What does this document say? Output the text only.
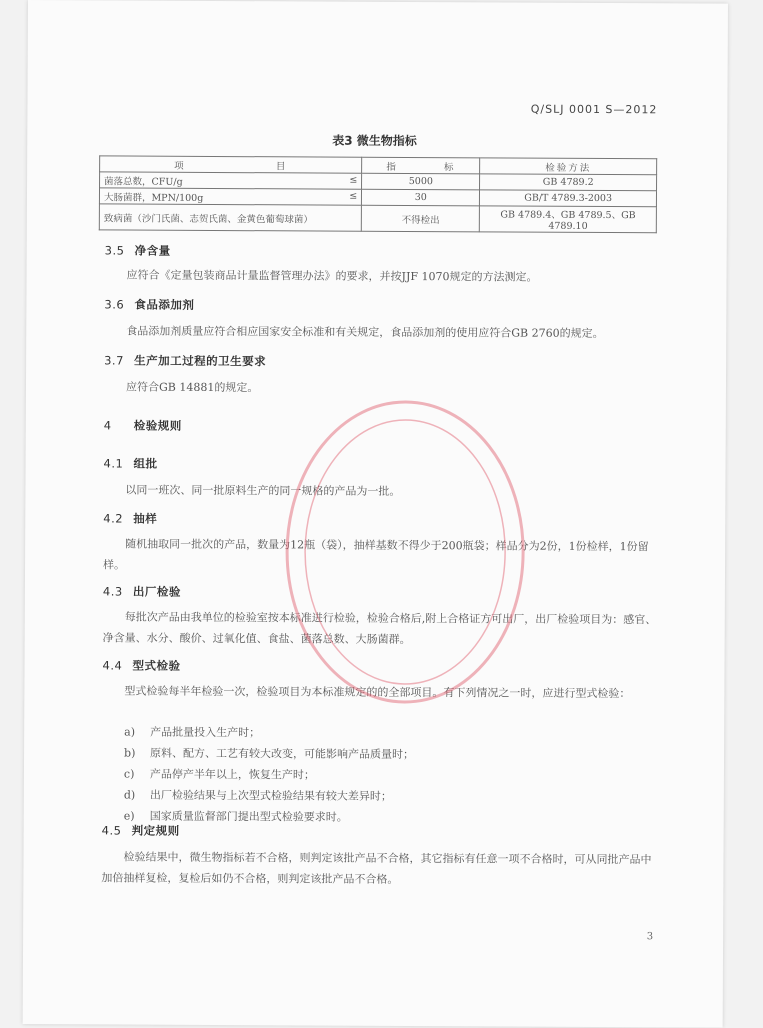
Q/SLJ 0001 S—2012
表3 微生物指标
项 目	指 标	检验方法

菌落总数，CFU/g ≤	5000	GB 4789.2

大肠菌群，MPN/100g ≤	30	GB/T 4789.3-2003

致病菌（沙门氏菌、志贺氏菌、金黄色葡萄球菌）	不得检出	GB 4789.4、GB 4789.5、GB 4789.10
3.5 净含量
应符合《定量包装商品计量监督管理办法》的要求，并按JJF 1070规定的方法测定。
3.6 食品添加剂
食品添加剂质量应符合相应国家安全标准和有关规定，食品添加剂的使用应符合GB 2760的规定。
3.7 生产加工过程的卫生要求
应符合GB 14881的规定。
4 检验规则
4.1 组批
以同一班次、同一批原料生产的同一规格的产品为一批。
4.2 抽样
随机抽取同一批次的产品，数量为12瓶（袋），抽样基数不得少于200瓶袋；样品分为2份，1份检样，1份留样。
4.3 出厂检验
每批次产品由我单位的检验室按本标准进行检验，检验合格后,附上合格证方可出厂，出厂检验项目为：感官、净含量、水分、酸价、过氧化值、食盐、菌落总数、大肠菌群。
4.4 型式检验
型式检验每半年检验一次，检验项目为本标准规定的的全部项目。有下列情况之一时，应进行型式检验：
a) 产品批量投入生产时；
b) 原料、配方、工艺有较大改变，可能影响产品质量时；
c) 产品停产半年以上，恢复生产时；
d) 出厂检验结果与上次型式检验结果有较大差异时；
e) 国家质量监督部门提出型式检验要求时。
4.5 判定规则
检验结果中，微生物指标若不合格，则判定该批产品不合格，其它指标有任意一项不合格时，可从同批产品中加倍抽样复检，复检后如仍不合格，则判定该批产品不合格。
3
